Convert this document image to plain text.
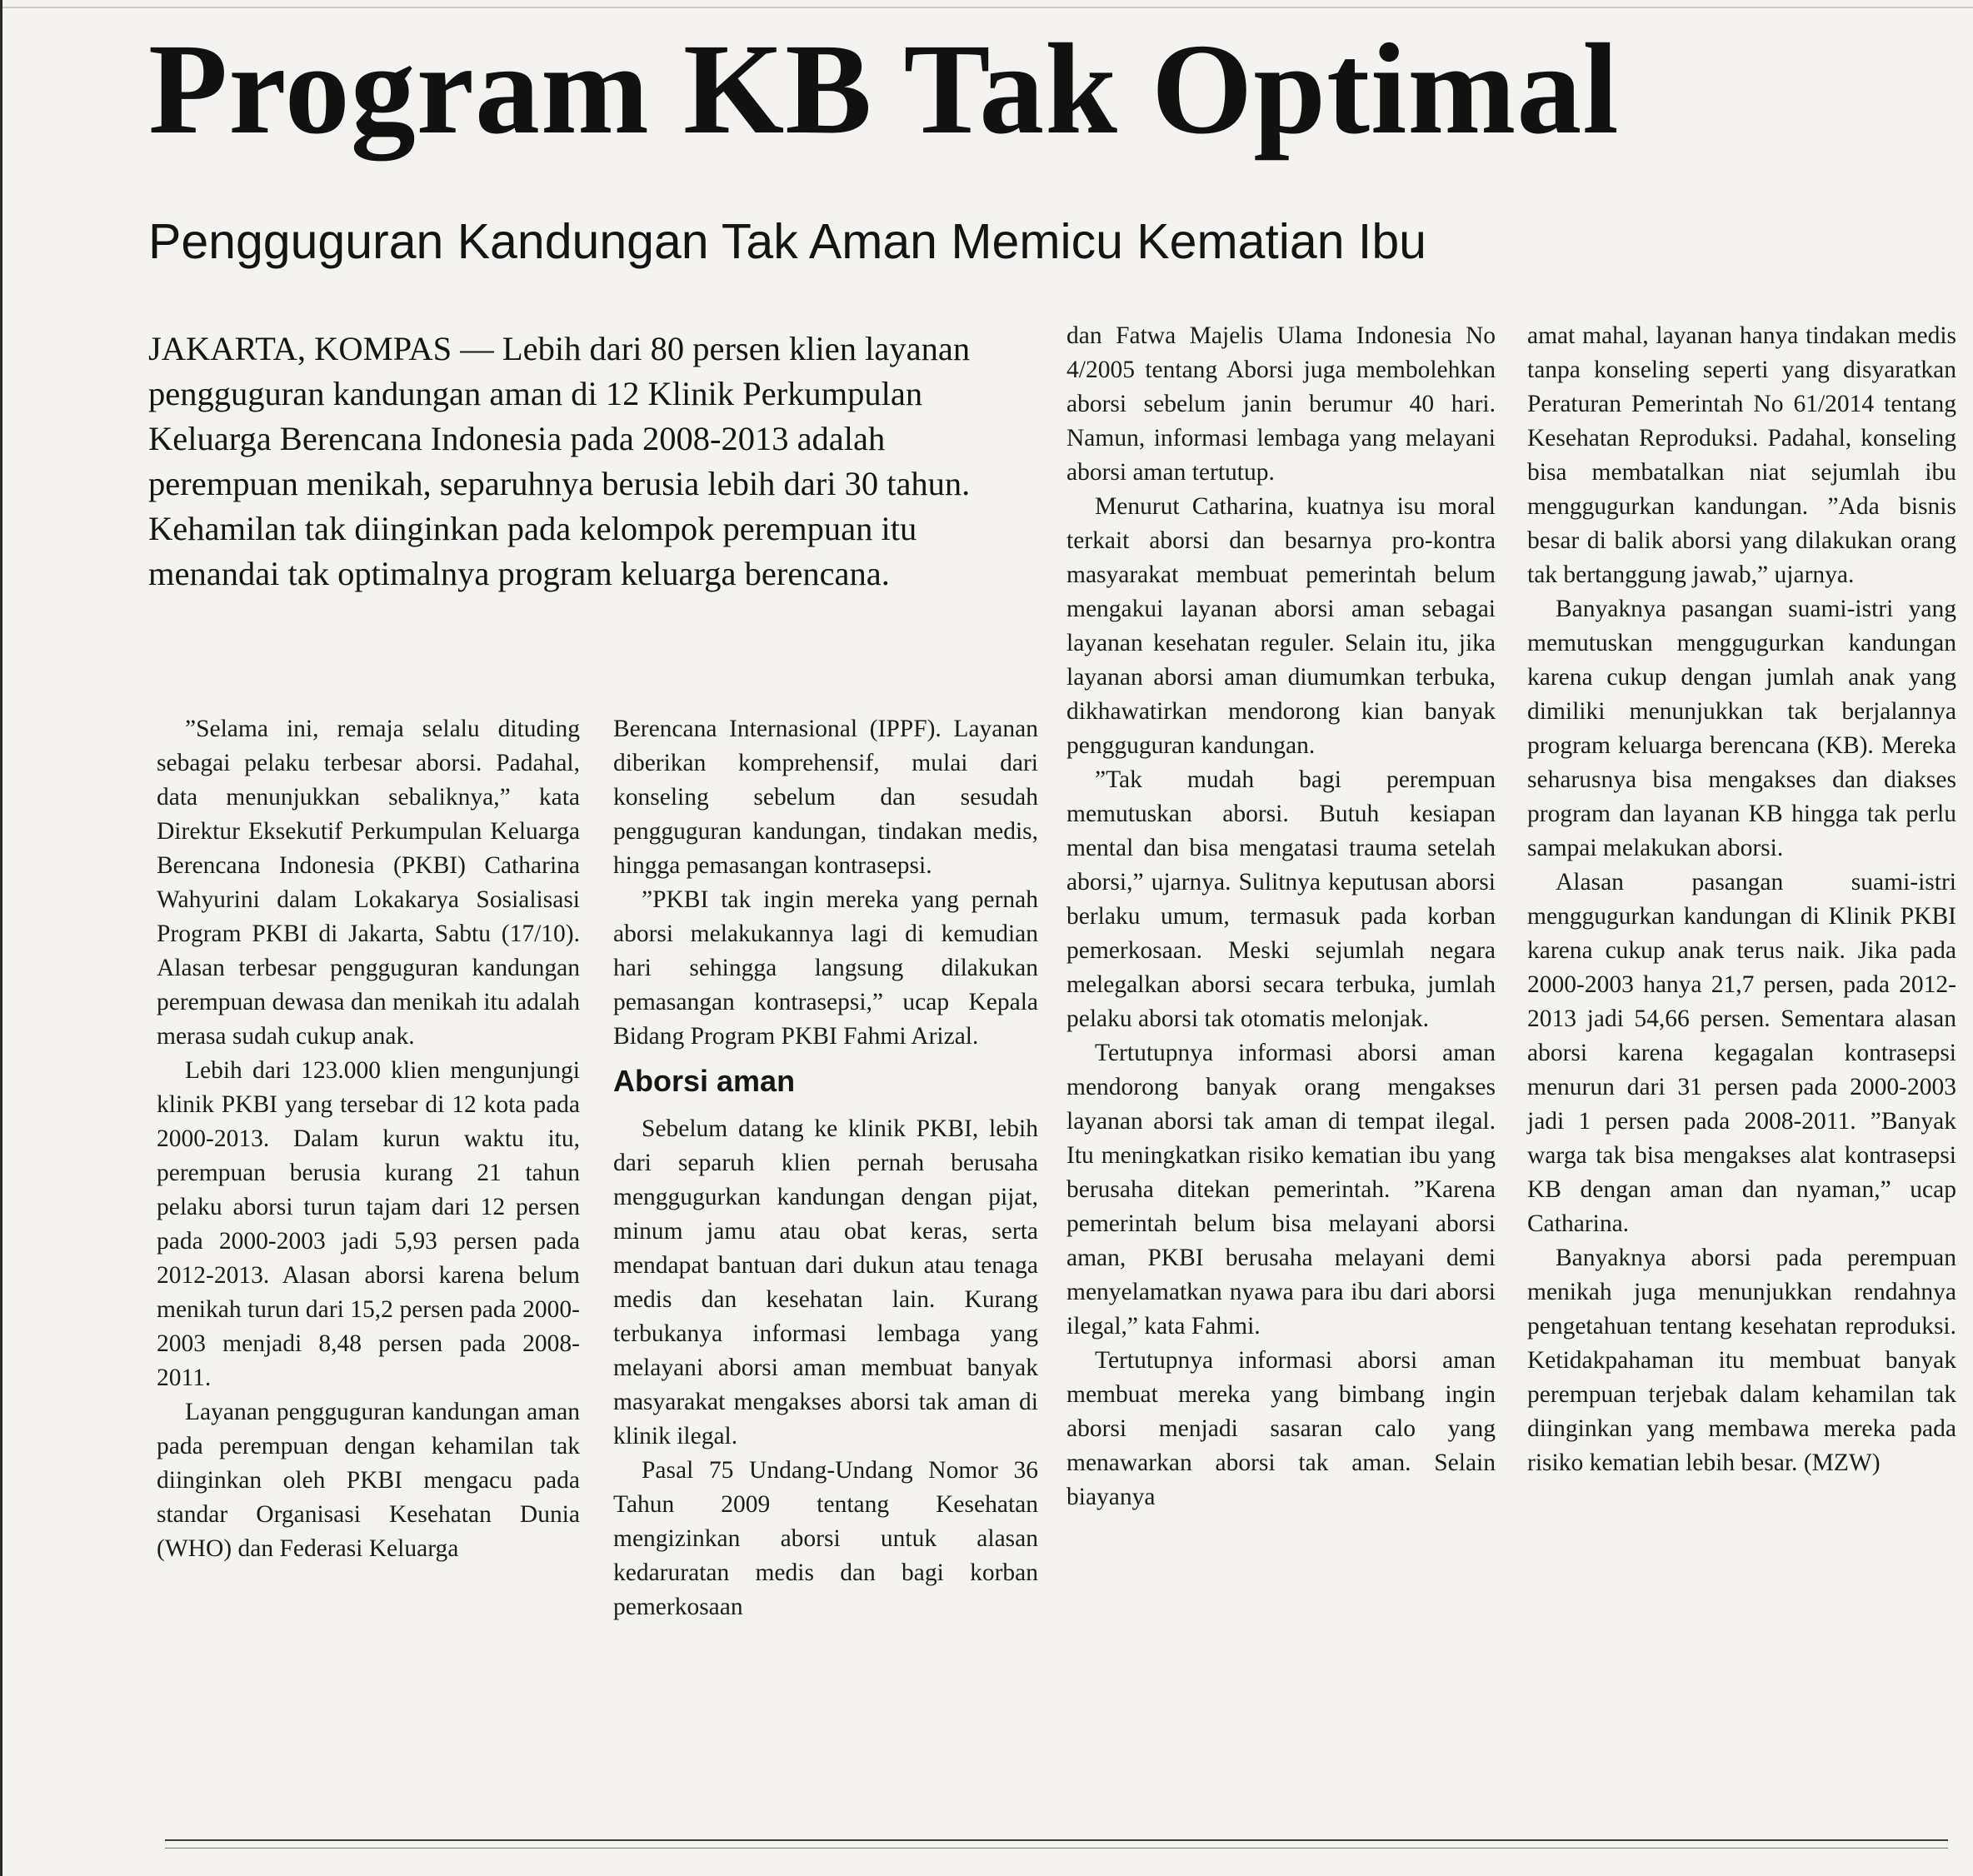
Program KB Tak Optimal
Pengguguran Kandungan Tak Aman Memicu Kematian Ibu

JAKARTA, KOMPAS — Lebih dari 80 persen klien layanan pengguguran kandungan aman di 12 Klinik Perkumpulan Keluarga Berencana Indonesia pada 2008-2013 adalah perempuan menikah, separuhnya berusia lebih dari 30 tahun. Kehamilan tak diinginkan pada kelompok perempuan itu menandai tak optimalnya program keluarga berencana.

”Selama ini, remaja selalu dituding sebagai pelaku terbesar aborsi. Padahal, data menunjukkan sebaliknya,” kata Direktur Eksekutif Perkumpulan Keluarga Berencana Indonesia (PKBI) Catharina Wahyurini dalam Lokakarya Sosialisasi Program PKBI di Jakarta, Sabtu (17/10). Alasan terbesar pengguguran kandungan perempuan dewasa dan menikah itu adalah merasa sudah cukup anak.

Lebih dari 123.000 klien mengunjungi klinik PKBI yang tersebar di 12 kota pada 2000-2013. Dalam kurun waktu itu, perempuan berusia kurang 21 tahun pelaku aborsi turun tajam dari 12 persen pada 2000-2003 jadi 5,93 persen pada 2012-2013. Alasan aborsi karena belum menikah turun dari 15,2 persen pada 2000-2003 menjadi 8,48 persen pada 2008-2011.

Layanan pengguguran kandungan aman pada perempuan dengan kehamilan tak diinginkan oleh PKBI mengacu pada standar Organisasi Kesehatan Dunia (WHO) dan Federasi Keluarga

Berencana Internasional (IPPF). Layanan diberikan komprehensif, mulai dari konseling sebelum dan sesudah pengguguran kandungan, tindakan medis, hingga pemasangan kontrasepsi.

”PKBI tak ingin mereka yang pernah aborsi melakukannya lagi di kemudian hari sehingga langsung dilakukan pemasangan kontrasepsi,” ucap Kepala Bidang Program PKBI Fahmi Arizal.

Aborsi aman

Sebelum datang ke klinik PKBI, lebih dari separuh klien pernah berusaha menggugurkan kandungan dengan pijat, minum jamu atau obat keras, serta mendapat bantuan dari dukun atau tenaga medis dan kesehatan lain. Kurang terbukanya informasi lembaga yang melayani aborsi aman membuat banyak masyarakat mengakses aborsi tak aman di klinik ilegal.

Pasal 75 Undang-Undang Nomor 36 Tahun 2009 tentang Kesehatan mengizinkan aborsi untuk alasan kedaruratan medis dan bagi korban pemerkosaan

dan Fatwa Majelis Ulama Indonesia No 4/2005 tentang Aborsi juga membolehkan aborsi sebelum janin berumur 40 hari. Namun, informasi lembaga yang melayani aborsi aman tertutup.

Menurut Catharina, kuatnya isu moral terkait aborsi dan besarnya pro-kontra masyarakat membuat pemerintah belum mengakui layanan aborsi aman sebagai layanan kesehatan reguler. Selain itu, jika layanan aborsi aman diumumkan terbuka, dikhawatirkan mendorong kian banyak pengguguran kandungan.

”Tak mudah bagi perempuan memutuskan aborsi. Butuh kesiapan mental dan bisa mengatasi trauma setelah aborsi,” ujarnya. Sulitnya keputusan aborsi berlaku umum, termasuk pada korban pemerkosaan. Meski sejumlah negara melegalkan aborsi secara terbuka, jumlah pelaku aborsi tak otomatis melonjak.

Tertutupnya informasi aborsi aman mendorong banyak orang mengakses layanan aborsi tak aman di tempat ilegal. Itu meningkatkan risiko kematian ibu yang berusaha ditekan pemerintah. ”Karena pemerintah belum bisa melayani aborsi aman, PKBI berusaha melayani demi menyelamatkan nyawa para ibu dari aborsi ilegal,” kata Fahmi.

Tertutupnya informasi aborsi aman membuat mereka yang bimbang ingin aborsi menjadi sasaran calo yang menawarkan aborsi tak aman. Selain biayanya

amat mahal, layanan hanya tindakan medis tanpa konseling seperti yang disyaratkan Peraturan Pemerintah No 61/2014 tentang Kesehatan Reproduksi. Padahal, konseling bisa membatalkan niat sejumlah ibu menggugurkan kandungan. ”Ada bisnis besar di balik aborsi yang dilakukan orang tak bertanggung jawab,” ujarnya.

Banyaknya pasangan suami-istri yang memutuskan menggugurkan kandungan karena cukup dengan jumlah anak yang dimiliki menunjukkan tak berjalannya program keluarga berencana (KB). Mereka seharusnya bisa mengakses dan diakses program dan layanan KB hingga tak perlu sampai melakukan aborsi.

Alasan pasangan suami-istri menggugurkan kandungan di Klinik PKBI karena cukup anak terus naik. Jika pada 2000-2003 hanya 21,7 persen, pada 2012-2013 jadi 54,66 persen. Sementara alasan aborsi karena kegagalan kontrasepsi menurun dari 31 persen pada 2000-2003 jadi 1 persen pada 2008-2011. ”Banyak warga tak bisa mengakses alat kontrasepsi KB dengan aman dan nyaman,” ucap Catharina.

Banyaknya aborsi pada perempuan menikah juga menunjukkan rendahnya pengetahuan tentang kesehatan reproduksi. Ketidakpahaman itu membuat banyak perempuan terjebak dalam kehamilan tak diinginkan yang membawa mereka pada risiko kematian lebih besar. (MZW)
